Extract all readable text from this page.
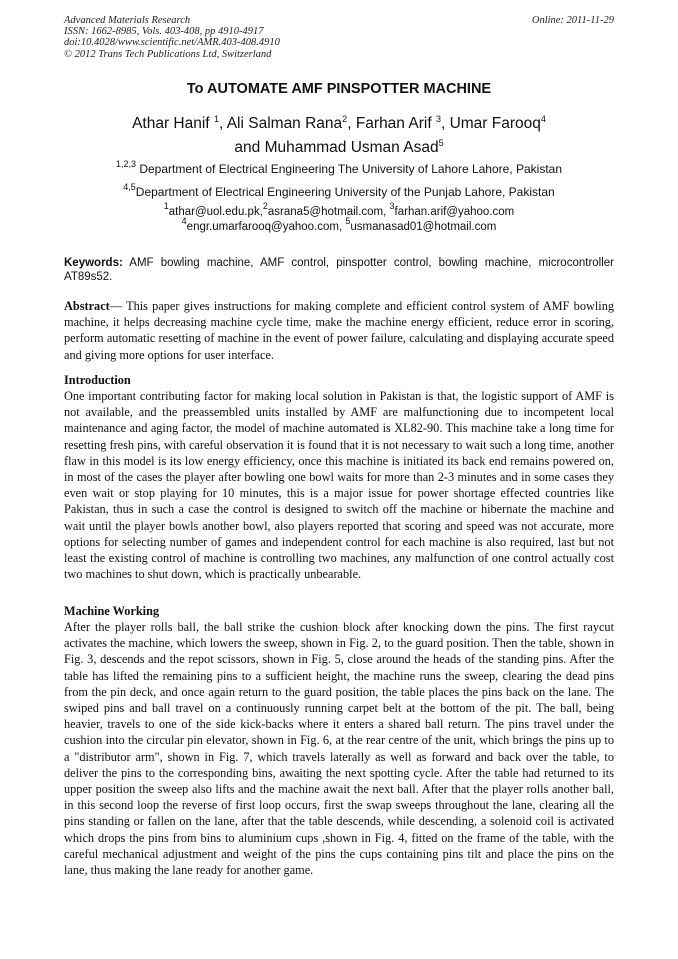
Advanced Materials Research
ISSN: 1662-8985, Vols. 403-408, pp 4910-4917
doi:10.4028/www.scientific.net/AMR.403-408.4910
© 2012 Trans Tech Publications Ltd, Switzerland
Online: 2011-11-29
To AUTOMATE AMF PINSPOTTER MACHINE
Athar Hanif $^1$, Ali Salman Rana$^2$, Farhan Arif $^3$, Umar Farooq$^4$
and Muhammad Usman Asad$^5$
$^{1,2,3}$ Department of Electrical Engineering The University of Lahore Lahore, Pakistan
$^{4,5}$Department of Electrical Engineering University of the Punjab Lahore, Pakistan
$^1$athar@uol.edu.pk,$^2$asrana5@hotmail.com, $^3$farhan.arif@yahoo.com
$^4$engr.umarfarooq@yahoo.com, $^5$usmanasad01@hotmail.com
Keywords: AMF bowling machine, AMF control, pinspotter control, bowling machine, microcontroller AT89s52.
Abstract— This paper gives instructions for making complete and efficient control system of AMF bowling machine, it helps decreasing machine cycle time, make the machine energy efficient, reduce error in scoring, perform automatic resetting of machine in the event of power failure, calculating and displaying accurate speed and giving more options for user interface.
Introduction
One important contributing factor for making local solution in Pakistan is that, the logistic support of AMF is not available, and the preassembled units installed by AMF are malfunctioning due to incompetent local maintenance and aging factor, the model of machine automated is XL82-90. This machine take a long time for resetting fresh pins, with careful observation it is found that it is not necessary to wait such a long time, another flaw in this model is its low energy efficiency, once this machine is initiated its back end remains powered on, in most of the cases the player after bowling one bowl waits for more than 2-3 minutes and in some cases they even wait or stop playing for 10 minutes, this is a major issue for power shortage effected countries like Pakistan, thus in such a case the control is designed to switch off the machine or hibernate the machine and wait until the player bowls another bowl, also players reported that scoring and speed was not accurate, more options for selecting number of games and independent control for each machine is also required, last but not least the existing control of machine is controlling two machines, any malfunction of one control actually cost two machines to shut down, which is practically unbearable.
Machine Working
After the player rolls ball, the ball strike the cushion block after knocking down the pins. The first raycut activates the machine, which lowers the sweep, shown in Fig. 2, to the guard position. Then the table, shown in Fig. 3, descends and the repot scissors, shown in Fig. 5, close around the heads of the standing pins. After the table has lifted the remaining pins to a sufficient height, the machine runs the sweep, clearing the dead pins from the pin deck, and once again return to the guard position, the table places the pins back on the lane. The swiped pins and ball travel on a continuously running carpet belt at the bottom of the pit. The ball, being heavier, travels to one of the side kick-backs where it enters a shared ball return. The pins travel under the cushion into the circular pin elevator, shown in Fig. 6, at the rear centre of the unit, which brings the pins up to a "distributor arm", shown in Fig. 7, which travels laterally as well as forward and back over the table, to deliver the pins to the corresponding bins, awaiting the next spotting cycle. After the table had returned to its upper position the sweep also lifts and the machine await the next ball. After that the player rolls another ball, in this second loop the reverse of first loop occurs, first the swap sweeps throughout the lane, clearing all the pins standing or fallen on the lane, after that the table descends, while descending, a solenoid coil is activated which drops the pins from bins to aluminium cups ,shown in Fig. 4, fitted on the frame of the table, with the careful mechanical adjustment and weight of the pins the cups containing pins tilt and place the pins on the lane, thus making the lane ready for another game.
